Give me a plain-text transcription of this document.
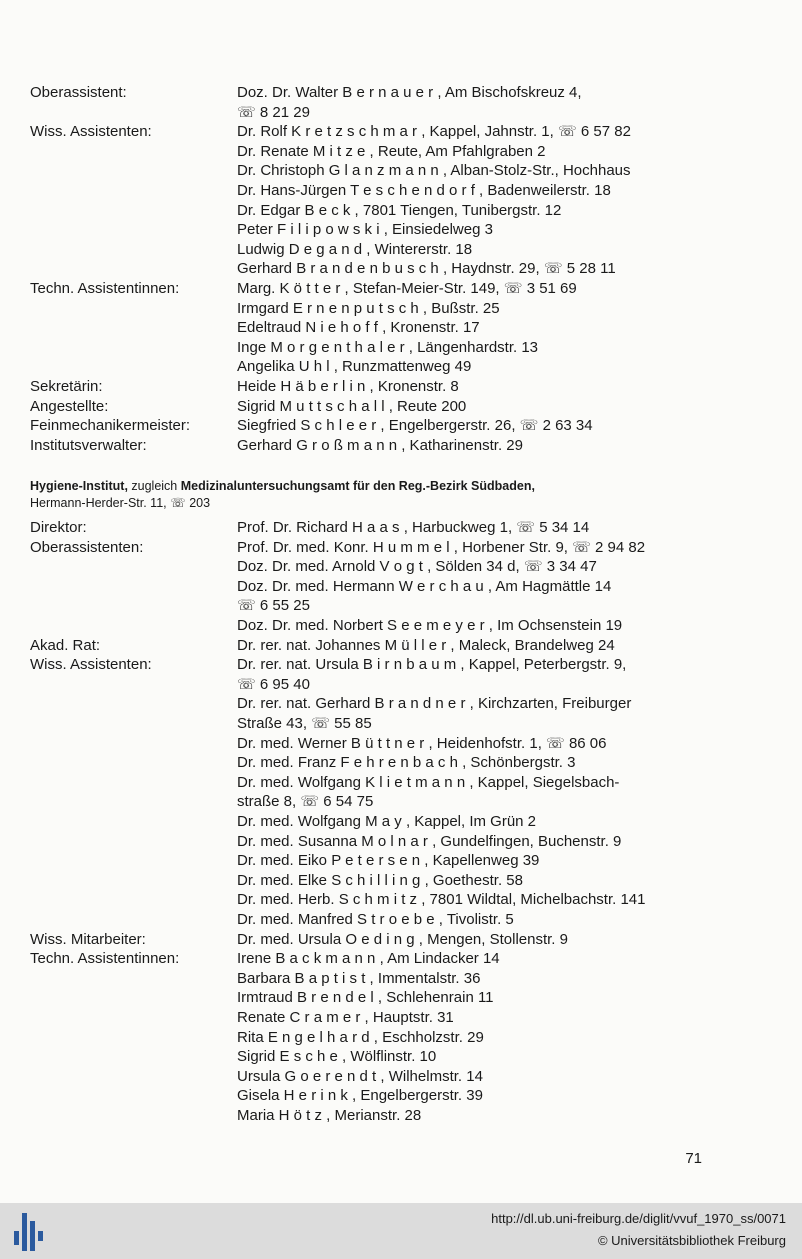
Oberassistent:	Doz. Dr. Walter B e r n a u e r , Am Bischofskreuz 4,
☏ 8 21 29
Wiss. Assistenten:	Dr. Rolf K r e t z s c h m a r , Kappel, Jahnstr. 1, ☏ 6 57 82
Dr. Renate M i t z e , Reute, Am Pfahlgraben 2
Dr. Christoph G l a n z m a n n , Alban-Stolz-Str., Hochhaus
Dr. Hans-Jürgen T e s c h e n d o r f , Badenweilerstr. 18
Dr. Edgar B e c k , 7801 Tiengen, Tunibergstr. 12
Peter F i l i p o w s k i , Einsiedelweg 3
Ludwig D e g a n d , Wintererstr. 18
Gerhard B r a n d e n b u s c h , Haydnstr. 29, ☏ 5 28 11
Techn. Assistentinnen:	Marg. K ö t t e r , Stefan-Meier-Str. 149, ☏ 3 51 69
Irmgard E r n e n p u t s c h , Bußstr. 25
Edeltraud N i e h o f f , Kronenstr. 17
Inge M o r g e n t h a l e r , Längenhardstr. 13
Angelika U h l , Runzmattenweg 49
Sekretärin:	Heide H ä b e r l i n , Kronenstr. 8
Angestellte:	Sigrid M u t t s c h a l l , Reute 200
Feinmechanikermeister:	Siegfried S c h l e e r , Engelbergerstr. 26, ☏ 2 63 34
Institutsverwalter:	Gerhard G r o ß m a n n , Katharinenstr. 29
Hygiene-Institut, zugleich Medizinaluntersuchungsamt für den Reg.-Bezirk Südbaden,
Hermann-Herder-Str. 11, ☏ 203
Direktor:	Prof. Dr. Richard H a a s , Harbuckweg 1, ☏ 5 34 14
Oberassistenten:	Prof. Dr. med. Konr. H u m m e l , Horbener Str. 9, ☏ 2 94 82
Doz. Dr. med. Arnold V o g t , Sölden 34 d, ☏ 3 34 47
Doz. Dr. med. Hermann W e r c h a u , Am Hagmättle 14
☏ 6 55 25
Doz. Dr. med. Norbert S e e m e y e r , Im Ochsenstein 19
Akad. Rat:	Dr. rer. nat. Johannes M ü l l e r , Maleck, Brandelweg 24
Wiss. Assistenten:	Dr. rer. nat. Ursula B i r n b a u m , Kappel, Peterbergstr. 9,
☏ 6 95 40
Dr. rer. nat. Gerhard B r a n d n e r , Kirchzarten, Freiburger
Straße 43, ☏ 55 85
Dr. med. Werner B ü t t n e r , Heidenhofstr. 1, ☏ 86 06
Dr. med. Franz F e h r e n b a c h , Schönbergstr. 3
Dr. med. Wolfgang K l i e t m a n n , Kappel, Siegelsbach-
straße 8, ☏ 6 54 75
Dr. med. Wolfgang M a y , Kappel, Im Grün 2
Dr. med. Susanna M o l n a r , Gundelfingen, Buchenstr. 9
Dr. med. Eiko P e t e r s e n , Kapellenweg 39
Dr. med. Elke S c h i l l i n g , Goethestr. 58
Dr. med. Herb. S c h m i t z , 7801 Wildtal, Michelbachstr. 141
Dr. med. Manfred S t r o e b e , Tivolistr. 5
Wiss. Mitarbeiter:	Dr. med. Ursula O e d i n g , Mengen, Stollenstr. 9
Techn. Assistentinnen:	Irene B a c k m a n n , Am Lindacker 14
Barbara B a p t i s t , Immentalstr. 36
Irmtraud B r e n d e l , Schlehenrain 11
Renate C r a m e r , Hauptstr. 31
Rita E n g e l h a r d , Eschholzstr. 29
Sigrid E s c h e , Wölflinstr. 10
Ursula G o e r e n d t , Wilhelmstr. 14
Gisela H e r i n k , Engelbergerstr. 39
Maria H ö t z , Merianstr. 28
71
http://dl.ub.uni-freiburg.de/diglit/vvuf_1970_ss/0071
© Universitätsbibliothek Freiburg
